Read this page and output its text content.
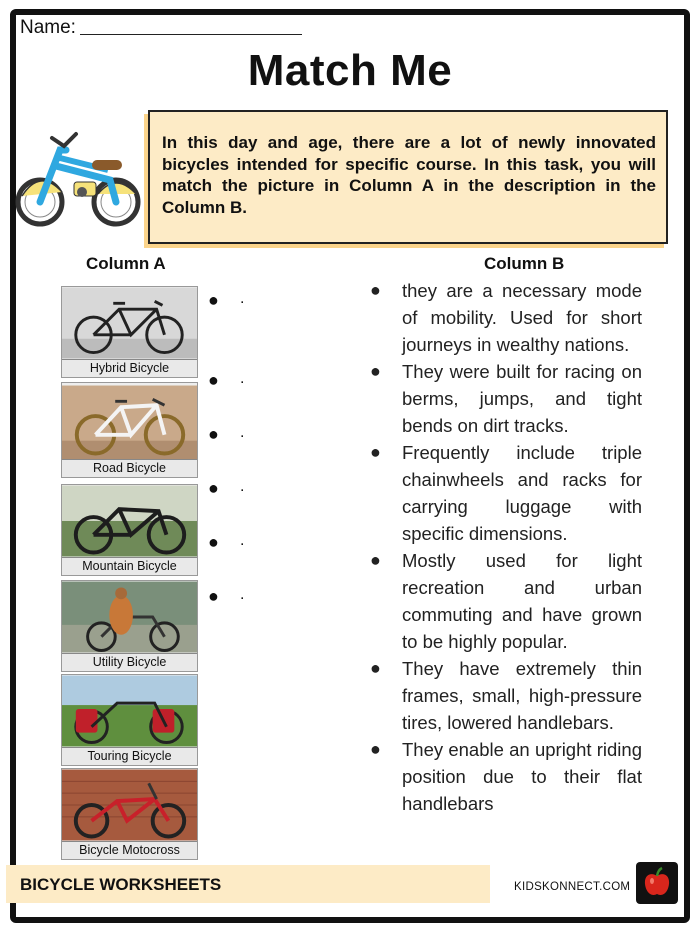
Name:
Match Me
In this day and age, there are a lot of newly innovated bicycles intended for specific course. In this task, you will match the picture in Column A in the description in the Column B.
Column A	Column B
Hybrid Bicycle
Road Bicycle
Mountain Bicycle
Utility Bicycle
Touring Bicycle
Bicycle Motocross
● .
● .
● .
● .
● .
● .
● they are a necessary mode of mobility. Used for short journeys in wealthy nations.
● They were built for racing on berms, jumps, and tight bends on dirt tracks.
● Frequently include triple chainwheels and racks for carrying luggage with specific dimensions.
● Mostly used for light recreation and urban commuting and have grown to be highly popular.
● They have extremely thin frames, small, high-pressure tires, lowered handlebars.
● They enable an upright riding position due to their flat handlebars
BICYCLE WORKSHEETS	KIDSKONNECT.COM
